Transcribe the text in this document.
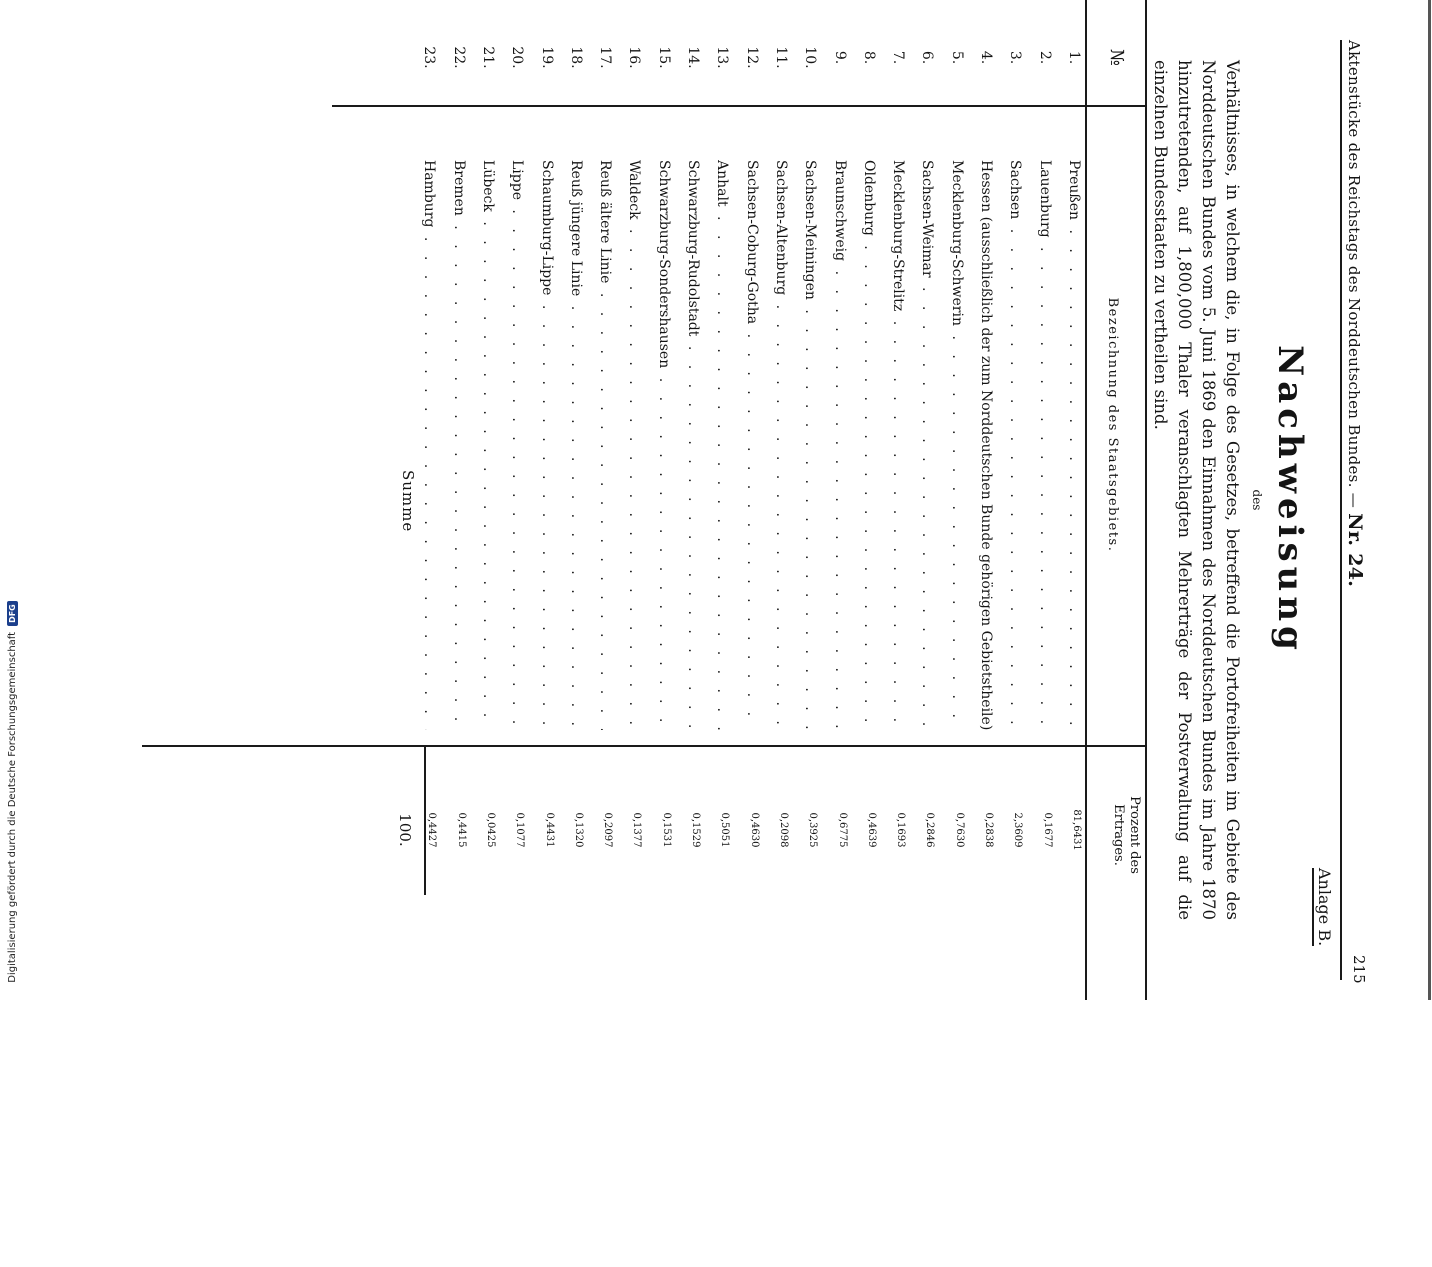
Aktenstücke des Reichstags des Norddeutschen Bundes. — Nr. 24.
215
Anlage B.
Nachweisung
des
Verhältnisses, in welchem die, in Folge des Gesetzes, betreffend die Portofreiheiten im Gebiete des Norddeutschen Bundes vom 5. Juni 1869 den Einnahmen des Norddeutschen Bundes im Jahre 1870 hinzutretenden, auf 1,800,000 Thaler veranschlagten Mehrerträge der Postverwaltung auf die einzelnen Bundesstaaten zu vertheilen sind.
№
Bezeichnung des Staatsgebiets.
Prozent des Ertrages.
1.
Preußen . . .
81,6431
2.
Lauenburg . . .
0,1677
3.
Sachsen . . .
2,3609
4.
Hessen (ausschließlich der zum Norddeutschen Bunde gehörigen Gebietstheile) . . .
0,2838
5.
Mecklenburg-Schwerin . . .
0,7630
6.
Sachsen-Weimar . . .
0,2846
7.
Mecklenburg-Strelitz . . .
0,1693
8.
Oldenburg . . .
0,4639
9.
Braunschweig . . .
0,6775
10.
Sachsen-Meiningen . . .
0,3925
11.
Sachsen-Altenburg . . .
0,2098
12.
Sachsen-Coburg-Gotha . . .
0,4630
13.
Anhalt . . .
0,5051
14.
Schwarzburg-Rudolstadt . . .
0,1529
15.
Schwarzburg-Sondershausen . . .
0,1531
16.
Waldeck . . .
0,1377
17.
Reuß ältere Linie . . .
0,2097
18.
Reuß jüngere Linie . . .
0,1320
19.
Schaumburg-Lippe . . .
0,4431
20.
Lippe . . .
0,1077
21.
Lübeck . . .
0,0425
22.
Bremen . . .
0,4415
23.
Hamburg . . .
0,4427
Summe
100.
Digitalisierung gefördert durch die Deutsche Forschungsgemeinschaft
DFG
